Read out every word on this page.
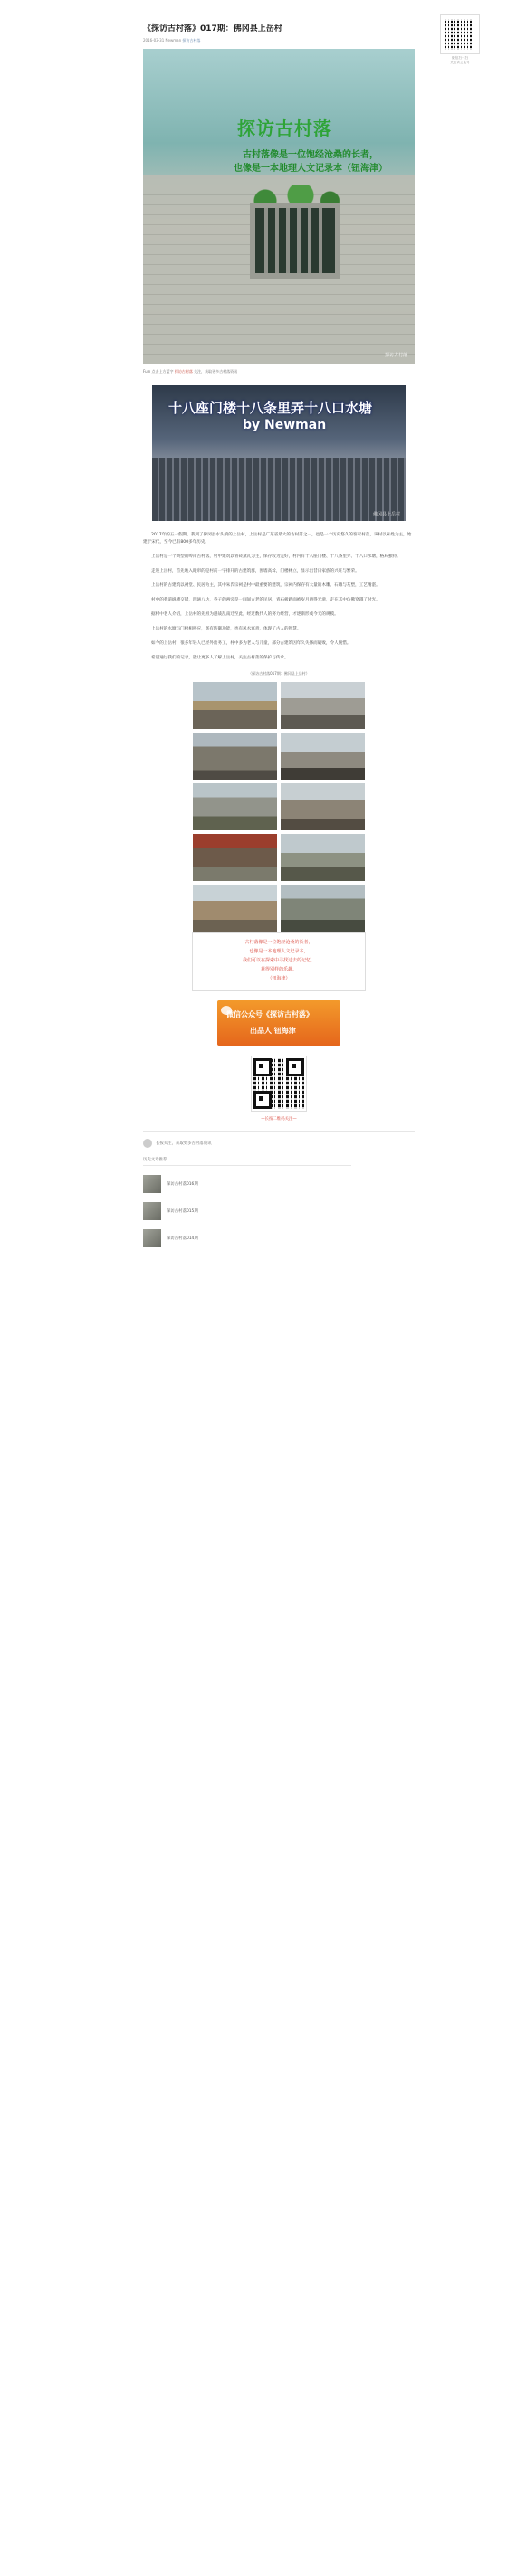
《探访古村落》017期：佛冈县上岳村
2016-03-31 Newman 探访古村落
探访古村落
古村落像是一位饱经沧桑的长者，
也像是一本地理人文记录本（钮海津）
探访古村落
Fuin 点击上方蓝字 探访古村落 关注，获取更多古村落资讯
十八座门楼十八条里弄十八口水塘
by Newman
佛冈县上岳村

2017年的五一假期，我到了佛冈县水头镇的上岳村，上岳村是广东省最大的古村落之一，也是一个历史悠久的客家村落，该村以朱姓为主，始建于宋代，至今已有800多年历史。

上岳村是一个典型的岭南古村落，村中建筑以青砖黛瓦为主，保存较为完好，村内有十八座门楼、十八条里弄、十八口水塘，格局独特。

走进上岳村，首先映入眼帘的是村前一字排开的古建筑群，围墙高耸，门楼林立，显示出昔日家族的兴旺与繁荣。

上岳村的古建筑以祠堂、民居为主，其中朱氏宗祠是村中最重要的建筑，宗祠内保存有大量的木雕、石雕与灰塑，工艺精湛。

村中的巷道纵横交错，四通八达，巷子的两旁是一间间古老的民居，青石板路面被岁月磨得光滑，走在其中仿佛穿越了时光。

据村中老人介绍，上岳村的先祖为避战乱南迁至此，经过数代人的努力经营，才逐渐形成今天的规模。

上岳村的水塘与门楼相呼应，既有防御功能，也有风水寓意，体现了古人的智慧。

如今的上岳村，很多年轻人已经外出务工，村中多为老人与儿童，部分古建筑因年久失修而破败，令人惋惜。

希望通过我们的记录，能让更多人了解上岳村，关注古村落的保护与传承。

（探访古村落017期：佛冈县上岳村）
古村落像是一位饱经沧桑的长者，
也像是一本地理人文记录本，
我们可以在探索中寻找过去的记忆，
获得别样的乐趣。
（钮海津）
微信公众号《探访古村落》
出品人 钮海津
—长按二维码关注—
长按关注，获取更多古村落资讯
历史文章推荐
探访古村落016期
探访古村落015期
探访古村落014期
微信扫一扫
关注该公众号
